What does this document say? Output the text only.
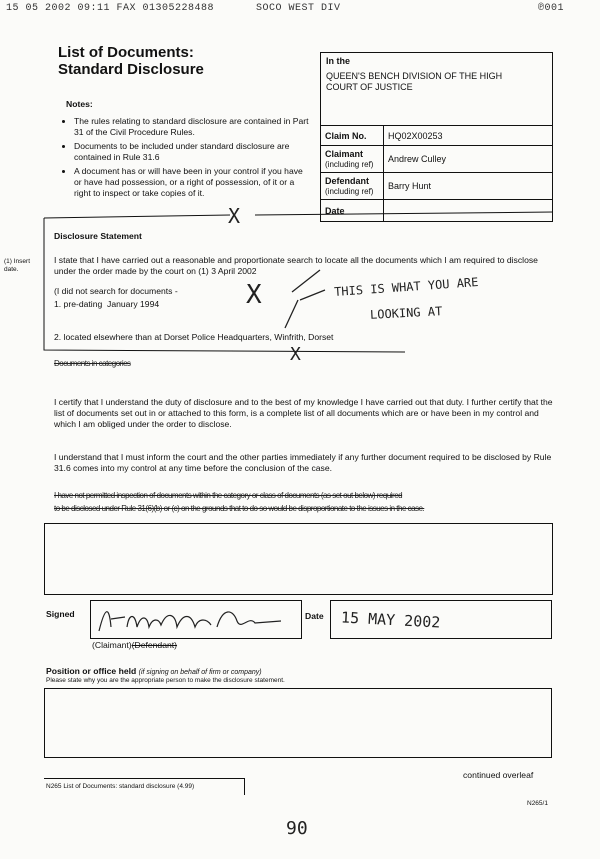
15 05 2002 09:11 FAX 01305228488	SOCO WEST DIV	℗001
List of Documents:
Standard Disclosure
Notes:
• The rules relating to standard disclosure are contained in Part 31 of the Civil Procedure Rules.
• Documents to be included under standard disclosure are contained in Rule 31.6
• A document has or will have been in your control if you have or have had possession, or a right of possession, of it or a right to inspect or take copies of it.
In the
QUEEN'S BENCH DIVISION OF THE HIGH COURT OF JUSTICE
Claim No.	HQ02X00253
Claimant
(including ref)	Andrew Culley
Defendant
(including ref)	Barry Hunt
Date	
Disclosure Statement
(1) Insert date.
I state that I have carried out a reasonable and proportionate search to locate all the documents which I am required to disclose under the order made by the court on (1) 3 April 2002
(I did not search for documents -
1. pre-dating January 1994
2. located elsewhere than at Dorset Police Headquarters, Winfrith, Dorset
Documents in categories
X
X
X
THIS IS WHAT YOU ARE
LOOKING AT
I certify that I understand the duty of disclosure and to the best of my knowledge I have carried out that duty. I further certify that the list of documents set out in or attached to this form, is a complete list of all documents which are or have been in my control and which I am obliged under the order to disclose.
I understand that I must inform the court and the other parties immediately if any further document required to be disclosed by Rule 31.6 comes into my control at any time before the conclusion of the case.
I have not permitted inspection of documents within the category or class of documents (as set out below) required
to be disclosed under Rule 31(6)(b) or (c) on the grounds that to do so would be disproportionate to the issues in the case.
Signed
(Claimant)(Defendant)
Date 15 MAY 2002
Position or office held (if signing on behalf of firm or company)
Please state why you are the appropriate person to make the disclosure statement.
continued overleaf
N265 List of Documents: standard disclosure (4.99)
N265/1
90
